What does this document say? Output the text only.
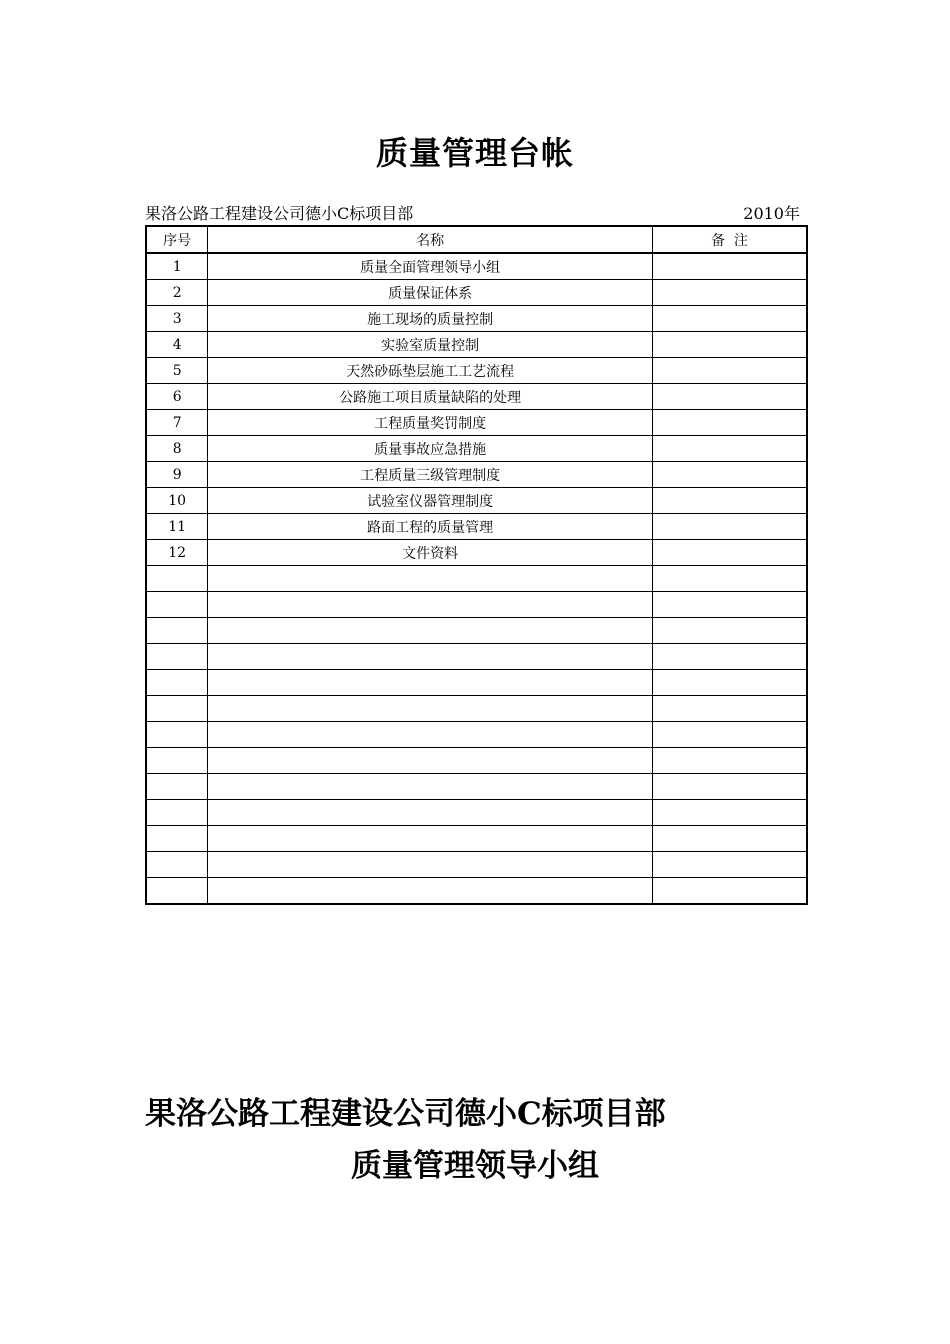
质量管理台帐
果洛公路工程建设公司德小C标项目部	2010年
序号	名称	备  注
1	质量全面管理领导小组	
2	质量保证体系	
3	施工现场的质量控制	
4	实验室质量控制	
5	天然砂砾垫层施工工艺流程	
6	公路施工项目质量缺陷的处理	
7	工程质量奖罚制度	
8	质量事故应急措施	
9	工程质量三级管理制度	
10	试验室仪器管理制度	
11	路面工程的质量管理	
12	文件资料	

果洛公路工程建设公司德小C标项目部
质量管理领导小组
